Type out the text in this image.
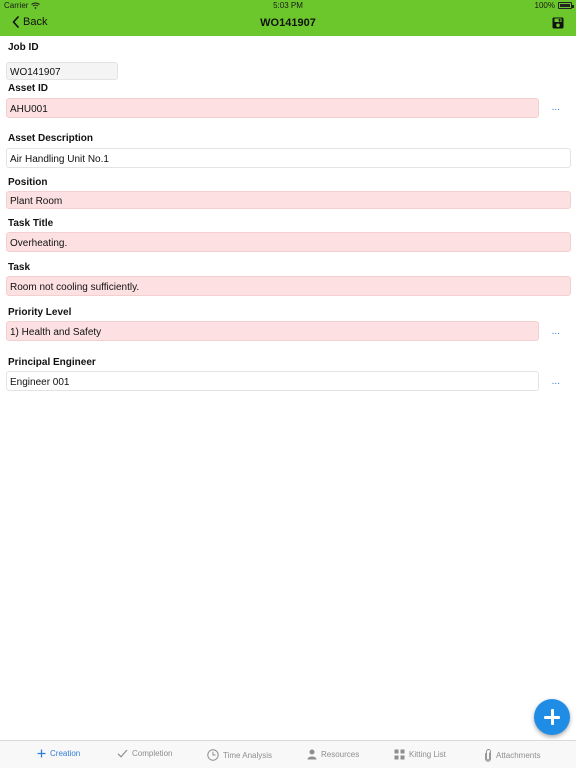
Carrier	5:03 PM	100%
Back	WO141907
Job ID
WO141907
Asset ID
AHU001	...
Asset Description
Air Handling Unit No.1
Position
Plant Room
Task Title
Overheating.
Task
Room not cooling sufficiently.
Priority Level
1) Health and Safety	...
Principal Engineer
Engineer 001	...
Creation	Completion	Time Analysis	Resources	Kitting List	Attachments
